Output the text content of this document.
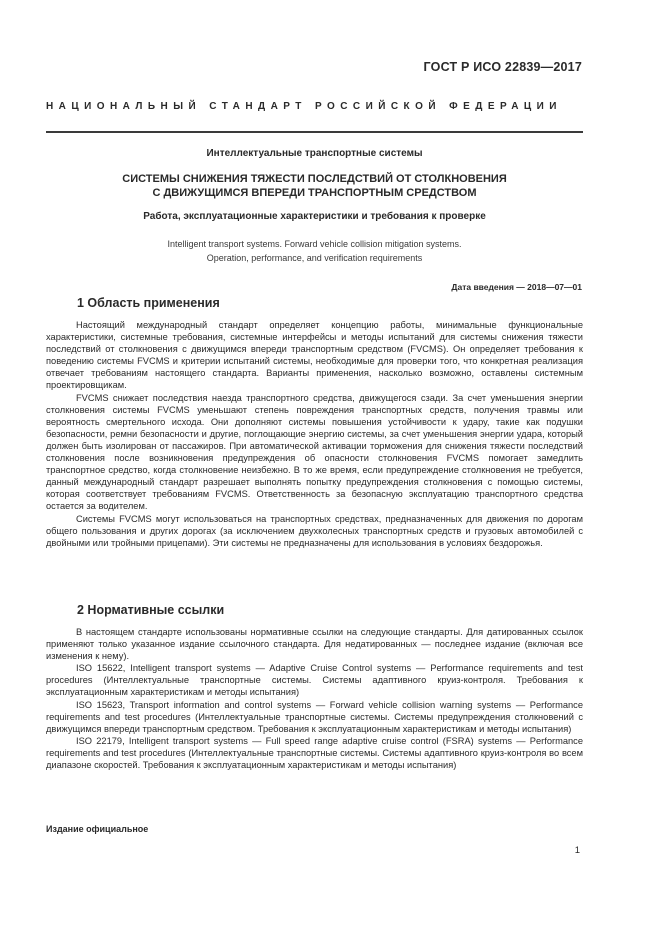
ГОСТ Р ИСО 22839—2017
НАЦИОНАЛЬНЫЙ СТАНДАРТ РОССИЙСКОЙ ФЕДЕРАЦИИ
Интеллектуальные транспортные системы
СИСТЕМЫ СНИЖЕНИЯ ТЯЖЕСТИ ПОСЛЕДСТВИЙ ОТ СТОЛКНОВЕНИЯ
С ДВИЖУЩИМСЯ ВПЕРЕДИ ТРАНСПОРТНЫМ СРЕДСТВОМ
Работа, эксплуатационные характеристики и требования к проверке
Intelligent transport systems. Forward vehicle collision mitigation systems.
Operation, performance, and verification requirements
Дата введения — 2018—07—01
1 Область применения

Настоящий международный стандарт определяет концепцию работы, минимальные функциональные характеристики, системные требования, системные интерфейсы и методы испытаний для системы снижения тяжести последствий от столкновения с движущимся впереди транспортным средством (FVCMS). Он определяет требования к поведению системы FVCMS и критерии испытаний системы, необходимые для проверки того, что конкретная реализация отвечает требованиям настоящего стандарта. Варианты применения, насколько возможно, оставлены системным проектировщикам.

FVCMS снижает последствия наезда транспортного средства, движущегося сзади. За счет уменьшения энергии столкновения системы FVCMS уменьшают степень повреждения транспортных средств, получения травмы или вероятность смертельного исхода. Они дополняют системы повышения устойчивости к удару, такие как подушки безопасности, ремни безопасности и другие, поглощающие энергию системы, за счет уменьшения энергии удара, который должен быть изолирован от пассажиров. При автоматической активации торможения для снижения тяжести последствий столкновения после возникновения предупреждения об опасности столкновения FVCMS помогает замедлить транспортное средство, когда столкновение неизбежно. В то же время, если предупреждение столкновения не требуется, данный международный стандарт разрешает выполнять попытку предупреждения столкновения с помощью системы, которая соответствует требованиям FVCMS. Ответственность за безопасную эксплуатацию транспортного средства остается за водителем.

Системы FVCMS могут использоваться на транспортных средствах, предназначенных для движения по дорогам общего пользования и других дорогах (за исключением двухколесных транспортных средств и грузовых автомобилей с двойными или тройными прицепами). Эти системы не предназначены для использования в условиях бездорожья.

2 Нормативные ссылки

В настоящем стандарте использованы нормативные ссылки на следующие стандарты. Для датированных ссылок применяют только указанное издание ссылочного стандарта. Для недатированных — последнее издание (включая все изменения к нему).

ISO 15622, Intelligent transport systems — Adaptive Cruise Control systems — Performance requirements and test procedures (Интеллектуальные транспортные системы. Системы адаптивного круиз-контроля. Требования к эксплуатационным характеристикам и методы испытания)

ISO 15623, Transport information and control systems — Forward vehicle collision warning systems — Performance requirements and test procedures (Интеллектуальные транспортные системы. Системы предупреждения столкновений с движущимся впереди транспортным средством. Требования к эксплуатационным характеристикам и методы испытания)

ISO 22179, Intelligent transport systems — Full speed range adaptive cruise control (FSRA) systems — Performance requirements and test procedures (Интеллектуальные транспортные системы. Системы адаптивного круиз-контроля во всем диапазоне скоростей. Требования к эксплуатационным характеристикам и методы испытания)

Издание официальное
1
